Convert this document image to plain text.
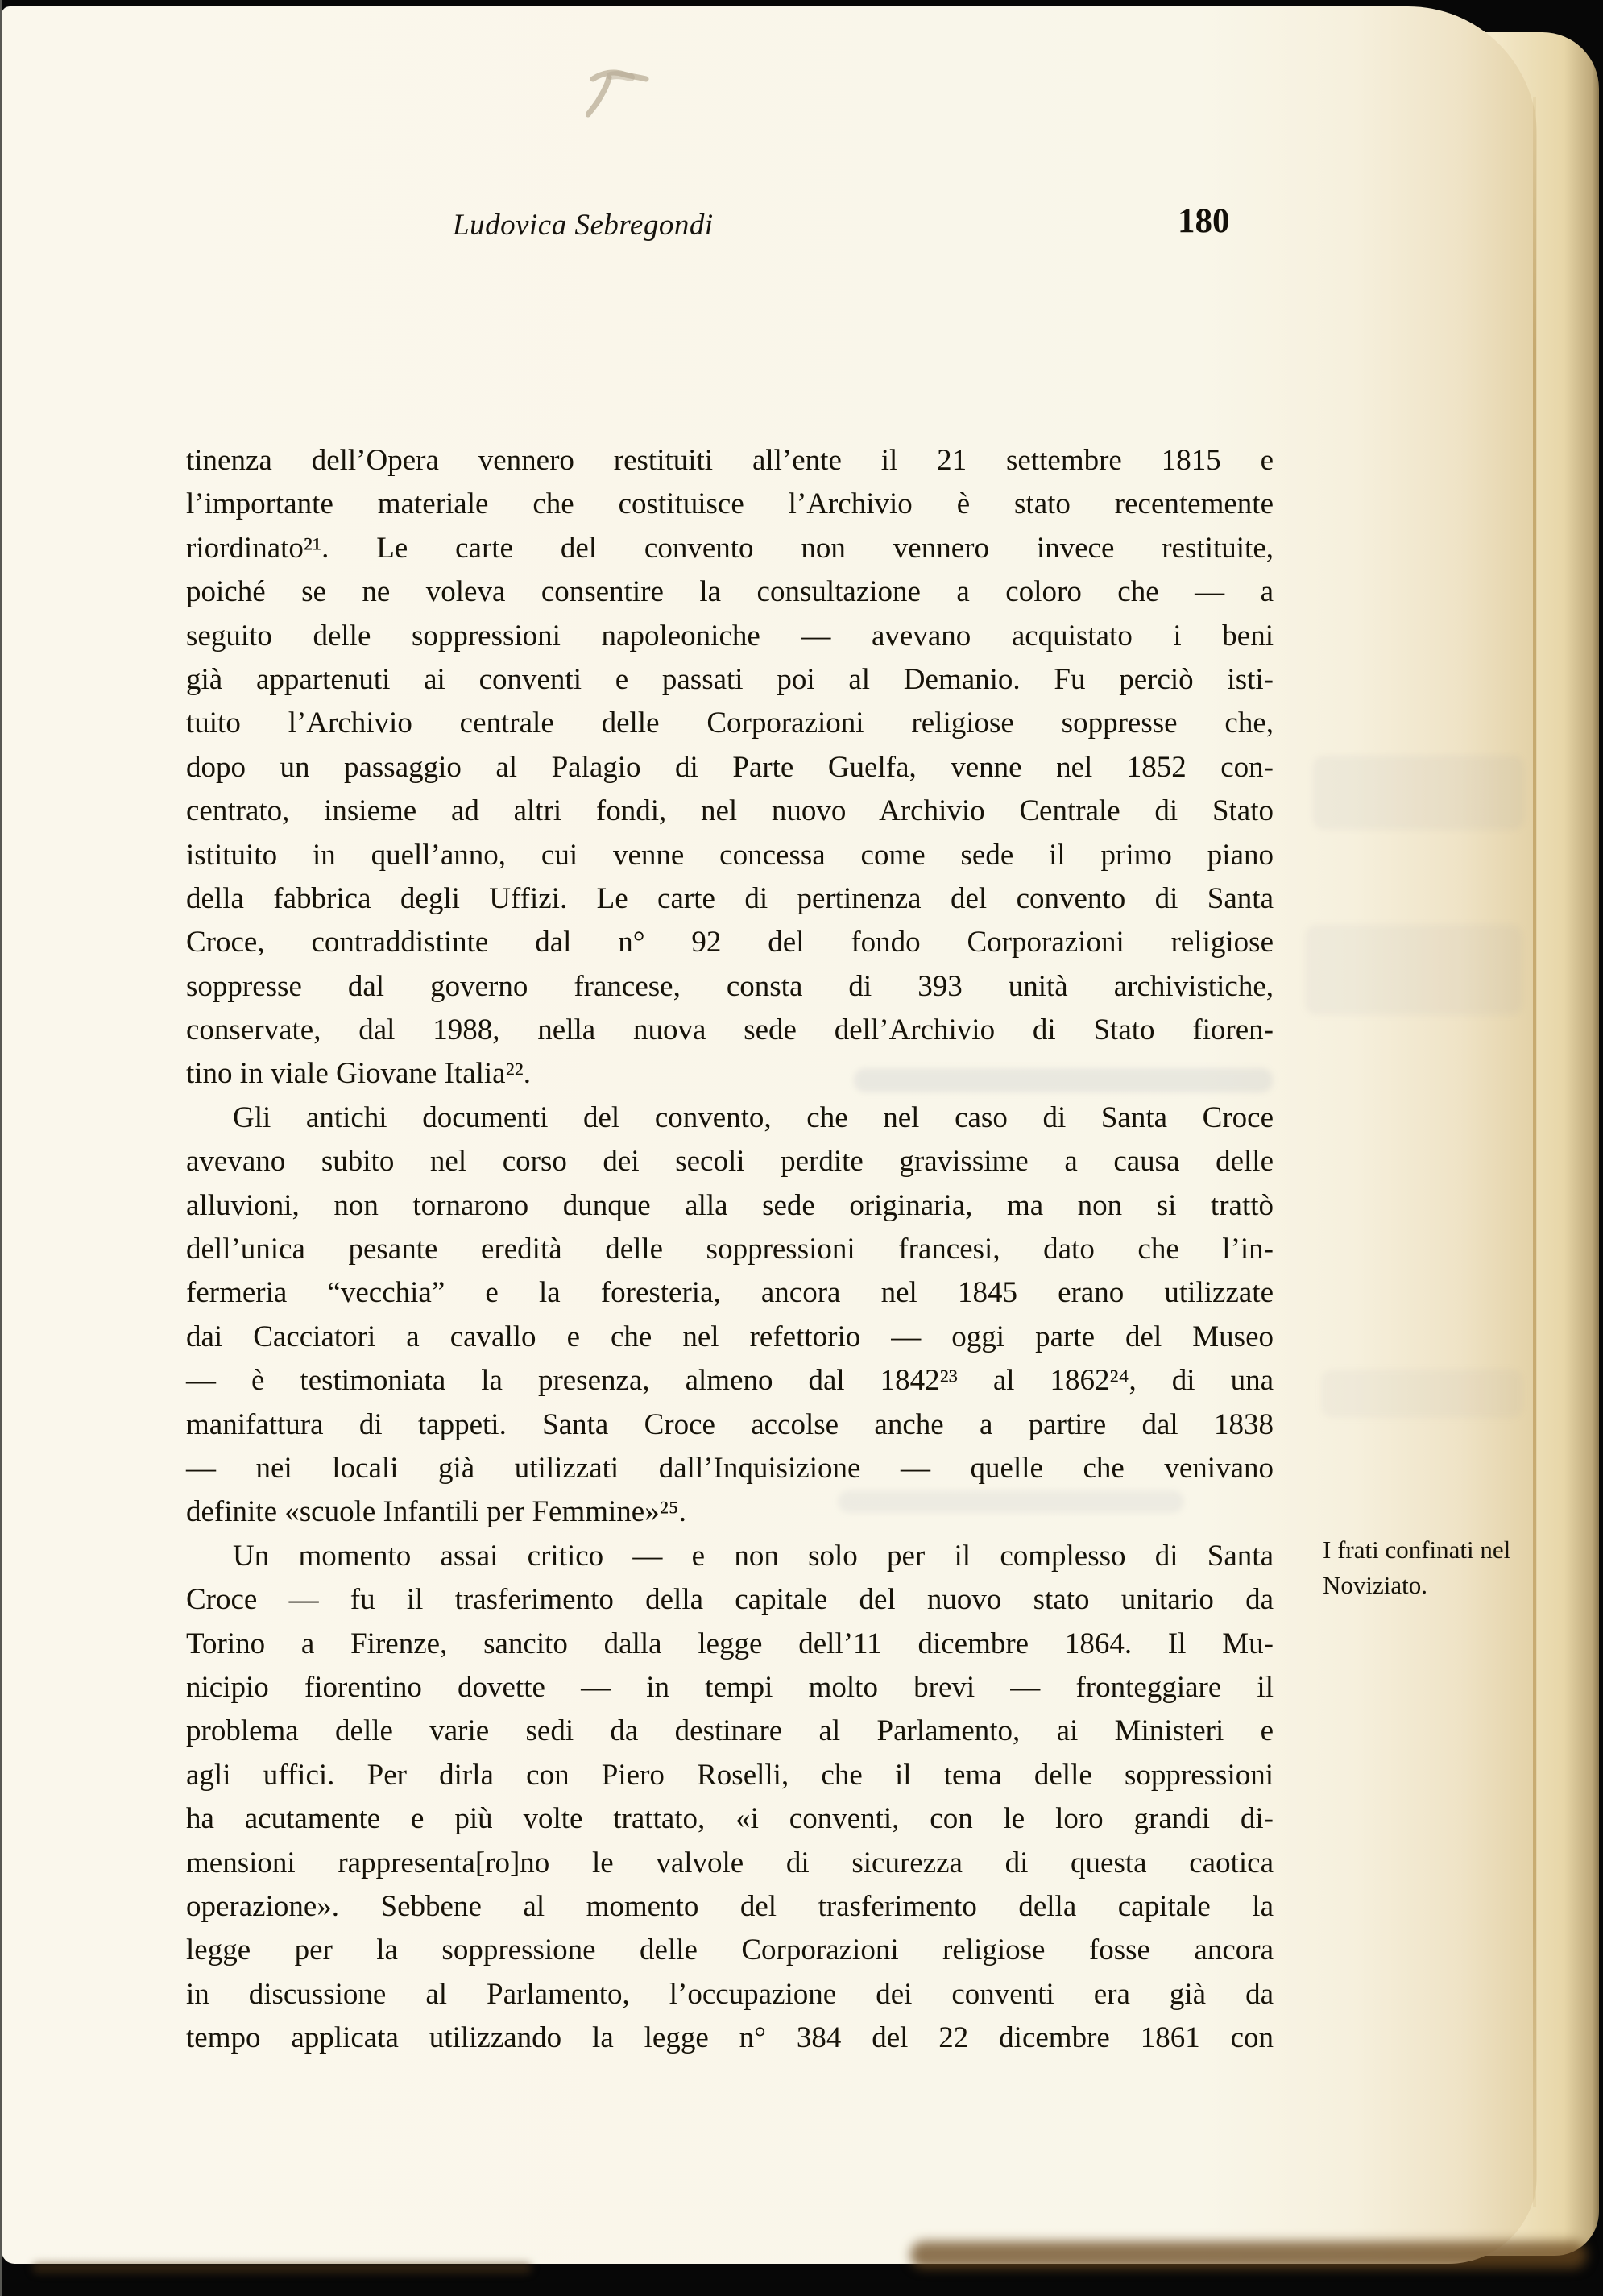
Ludovica Sebregondi	180
tinenza dell’Opera vennero restituiti all’ente il 21 settembre 1815 e
l’importante materiale che costituisce l’Archivio è stato recentemente
riordinato²¹. Le carte del convento non vennero invece restituite,
poiché se ne voleva consentire la consultazione a coloro che — a
seguito delle soppressioni napoleoniche — avevano acquistato i beni
già appartenuti ai conventi e passati poi al Demanio. Fu perciò isti-
tuito l’Archivio centrale delle Corporazioni religiose soppresse che,
dopo un passaggio al Palagio di Parte Guelfa, venne nel 1852 con-
centrato, insieme ad altri fondi, nel nuovo Archivio Centrale di Stato
istituito in quell’anno, cui venne concessa come sede il primo piano
della fabbrica degli Uffizi. Le carte di pertinenza del convento di Santa
Croce, contraddistinte dal n° 92 del fondo Corporazioni religiose
soppresse dal governo francese, consta di 393 unità archivistiche,
conservate, dal 1988, nella nuova sede dell’Archivio di Stato fioren-
tino in viale Giovane Italia²².
Gli antichi documenti del convento, che nel caso di Santa Croce
avevano subito nel corso dei secoli perdite gravissime a causa delle
alluvioni, non tornarono dunque alla sede originaria, ma non si trattò
dell’unica pesante eredità delle soppressioni francesi, dato che l’in-
fermeria “vecchia” e la foresteria, ancora nel 1845 erano utilizzate
dai Cacciatori a cavallo e che nel refettorio — oggi parte del Museo
— è testimoniata la presenza, almeno dal 1842²³ al 1862²⁴, di una
manifattura di tappeti. Santa Croce accolse anche a partire dal 1838
— nei locali già utilizzati dall’Inquisizione — quelle che venivano
definite «scuole Infantili per Femmine»²⁵.
Un momento assai critico — e non solo per il complesso di Santa
Croce — fu il trasferimento della capitale del nuovo stato unitario da
Torino a Firenze, sancito dalla legge dell’11 dicembre 1864. Il Mu-
nicipio fiorentino dovette — in tempi molto brevi — fronteggiare il
problema delle varie sedi da destinare al Parlamento, ai Ministeri e
agli uffici. Per dirla con Piero Roselli, che il tema delle soppressioni
ha acutamente e più volte trattato, «i conventi, con le loro grandi di-
mensioni rappresenta[ro]no le valvole di sicurezza di questa caotica
operazione». Sebbene al momento del trasferimento della capitale la
legge per la soppressione delle Corporazioni religiose fosse ancora
in discussione al Parlamento, l’occupazione dei conventi era già da
tempo applicata utilizzando la legge n° 384 del 22 dicembre 1861 con
I frati confinati nel
Noviziato.
